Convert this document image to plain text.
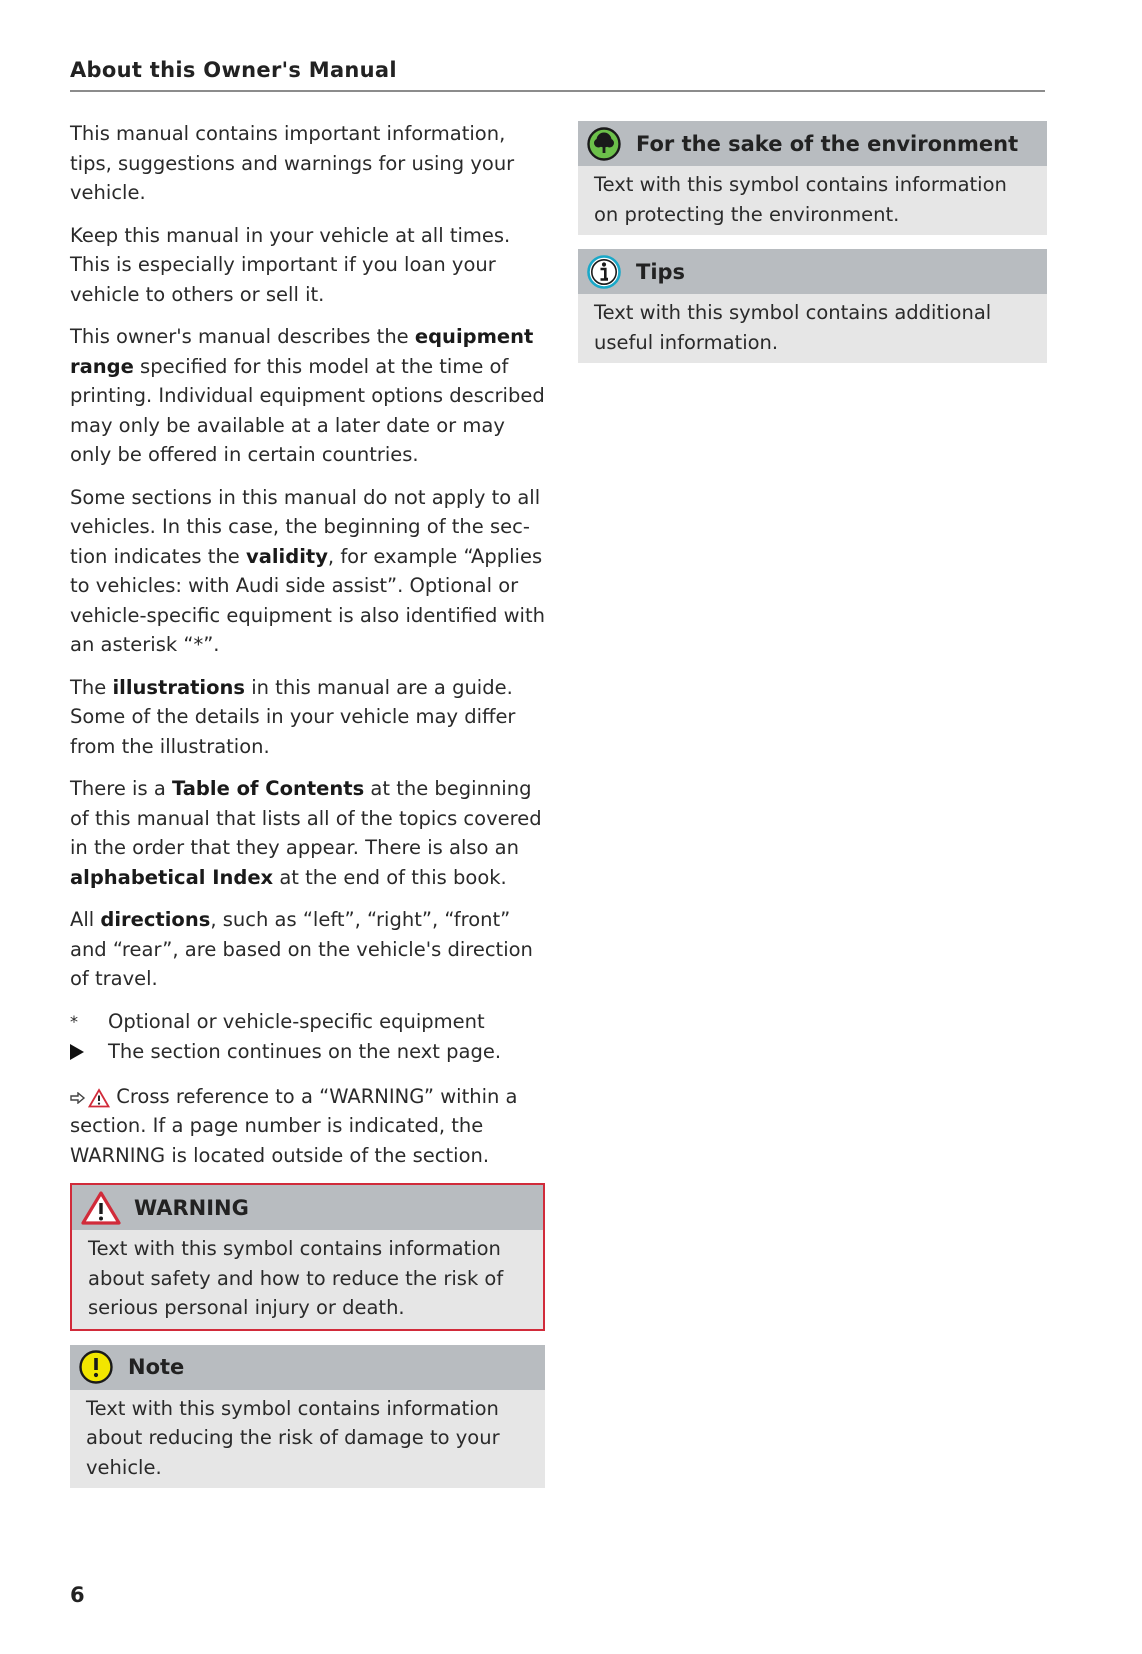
About this Owner's Manual

This manual contains important information, tips, suggestions and warnings for using your vehicle.

Keep this manual in your vehicle at all times. This is especially important if you loan your vehicle to others or sell it.

This owner's manual describes the equipment range specified for this model at the time of printing. Individual equipment options described may only be available at a later date or may only be offered in certain countries.

Some sections in this manual do not apply to all vehicles. In this case, the beginning of the section indicates the validity, for example “Applies to vehicles: with Audi side assist”. Optional or vehicle-specific equipment is also identified with an asterisk “*”.

The illustrations in this manual are a guide. Some of the details in your vehicle may differ from the illustration.

There is a Table of Contents at the beginning of this manual that lists all of the topics covered in the order that they appear. There is also an alphabetical Index at the end of this book.

All directions, such as “left”, “right”, “front” and “rear”, are based on the vehicle's direction of travel.

*	Optional or vehicle-specific equipment
The section continues on the next page.

Cross reference to a “WARNING” within a section. If a page number is indicated, the WARNING is located outside of the section.

WARNING
Text with this symbol contains information about safety and how to reduce the risk of serious personal injury or death.
Note
Text with this symbol contains information about reducing the risk of damage to your vehicle.
For the sake of the environment
Text with this symbol contains information on protecting the environment.
Tips
Text with this symbol contains additional useful information.
6
